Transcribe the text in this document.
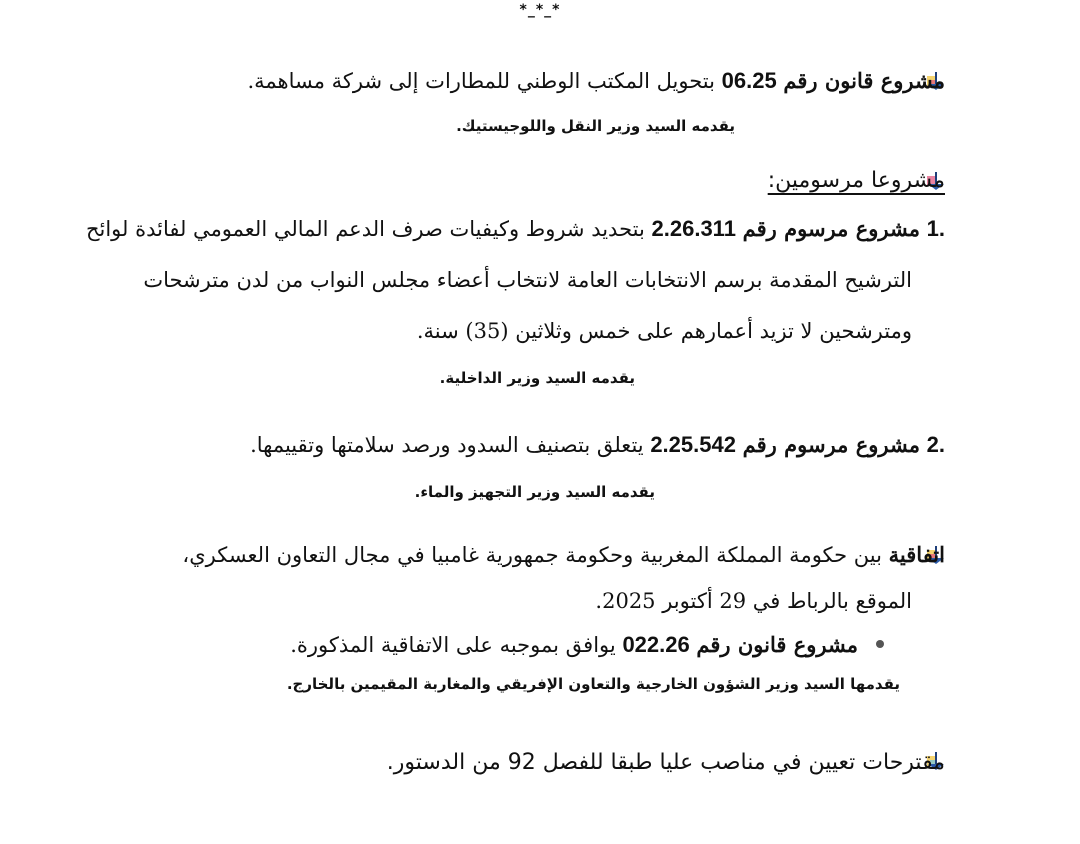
*_*_*
مشروع قانون رقم 06.25 بتحويل المكتب الوطني للمطارات إلى شركة مساهمة.
يقدمه السيد وزير النقل واللوجيستيك.
مشروعا مرسومين:
1. مشروع مرسوم رقم 2.26.311 بتحديد شروط وكيفيات صرف الدعم المالي العمومي لفائدة لوائح
الترشيح المقدمة برسم الانتخابات العامة لانتخاب أعضاء مجلس النواب من لدن مترشحات
ومترشحين لا تزيد أعمارهم على خمس وثلاثين (35) سنة.
يقدمه السيد وزير الداخلية.
2. مشروع مرسوم رقم 2.25.542 يتعلق بتصنيف السدود ورصد سلامتها وتقييمها.
يقدمه السيد وزير التجهيز والماء.
اتفاقية بين حكومة المملكة المغربية وحكومة جمهورية غامبيا في مجال التعاون العسكري،
الموقع بالرباط في 29 أكتوبر 2025.
مشروع قانون رقم 022.26 يوافق بموجبه على الاتفاقية المذكورة.
يقدمها السيد وزير الشؤون الخارجية والتعاون الإفريقي والمغاربة المقيمين بالخارج.
مقترحات تعيين في مناصب عليا طبقا للفصل 92 من الدستور.
